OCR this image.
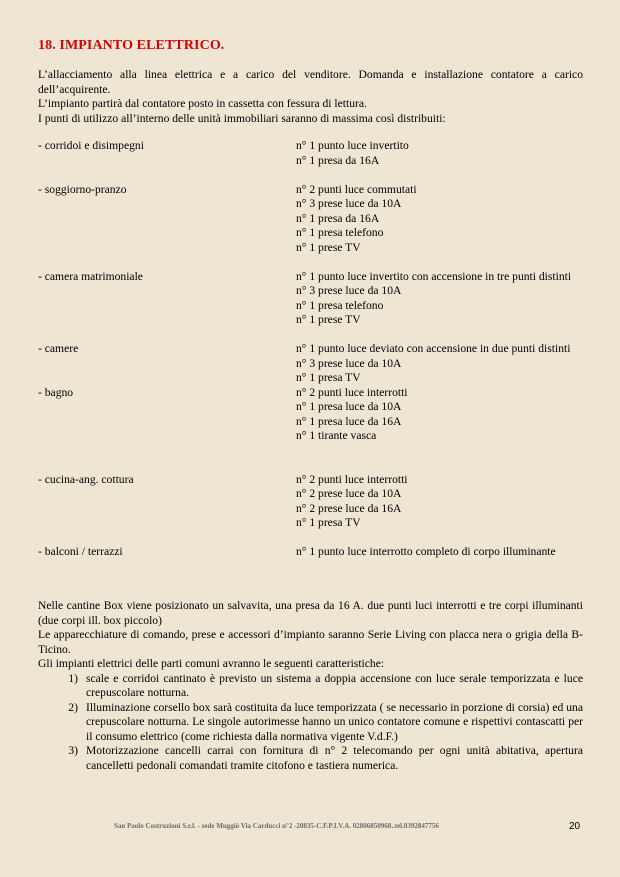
18. IMPIANTO ELETTRICO.

L’allacciamento alla linea elettrica e a carico del venditore. Domanda e installazione contatore a carico dell’acquirente.

L’impianto partirà dal contatore posto in cassetta con fessura di lettura.

I punti di utilizzo all’interno delle unità immobiliari saranno di massima così distribuiti:

- corridoi e disimpegni	n° 1 punto luce invertito
n° 1 presa da 16A
- soggiorno-pranzo	n° 2 punti luce commutati
n° 3 prese luce da 10A
n° 1 presa da 16A
n° 1 presa telefono
n° 1 prese TV
- camera matrimoniale	n° 1 punto luce invertito con accensione in tre punti distinti
n° 3 prese luce da 10A
n° 1 presa telefono
n° 1 prese TV
- camere	n° 1 punto luce deviato con accensione in due punti distinti
n° 3 prese luce da 10A
n° 1 presa TV
- bagno	n° 2 punti luce interrotti
n° 1 presa luce da 10A
n° 1 presa luce da 16A
n° 1 tirante vasca
- cucina-ang. cottura	n° 2 punti luce interrotti
n° 2 prese luce da 10A
n° 2 prese luce da 16A
n° 1 presa TV
- balconi / terrazzi	n° 1 punto luce interrotto completo di corpo illuminante

Nelle cantine Box viene posizionato un salvavita, una presa da 16 A. due punti luci interrotti e tre corpi illuminanti (due corpi ill. box piccolo)

Le apparecchiature di comando, prese e accessori d’impianto saranno Serie Living con placca nera o grigia della B-Ticino.

Gli impianti elettrici delle parti comuni avranno le seguenti caratteristiche:

1) scale e corridoi cantinato è previsto un sistema a doppia accensione con luce serale temporizzata e luce crepuscolare notturna.
2) Illuminazione corsello box sarà costituita da luce temporizzata ( se necessario in porzione di corsia) ed una crepuscolare notturna. Le singole autorimesse hanno un unico contatore comune e rispettivi contascatti per il consumo elettrico (come richiesta dalla normativa vigente V.d.F.)
3) Motorizzazione cancelli carrai con fornitura di n° 2 telecomando per ogni unità abitativa, apertura cancelletti pedonali comandati tramite citofono e tastiera numerica.
San Paolo Costruzioni S.r.l. - sede Muggiò Via Carducci n°2 -20835-C.F.P.I.V.A. 02806850968..tel.0392847756	20
